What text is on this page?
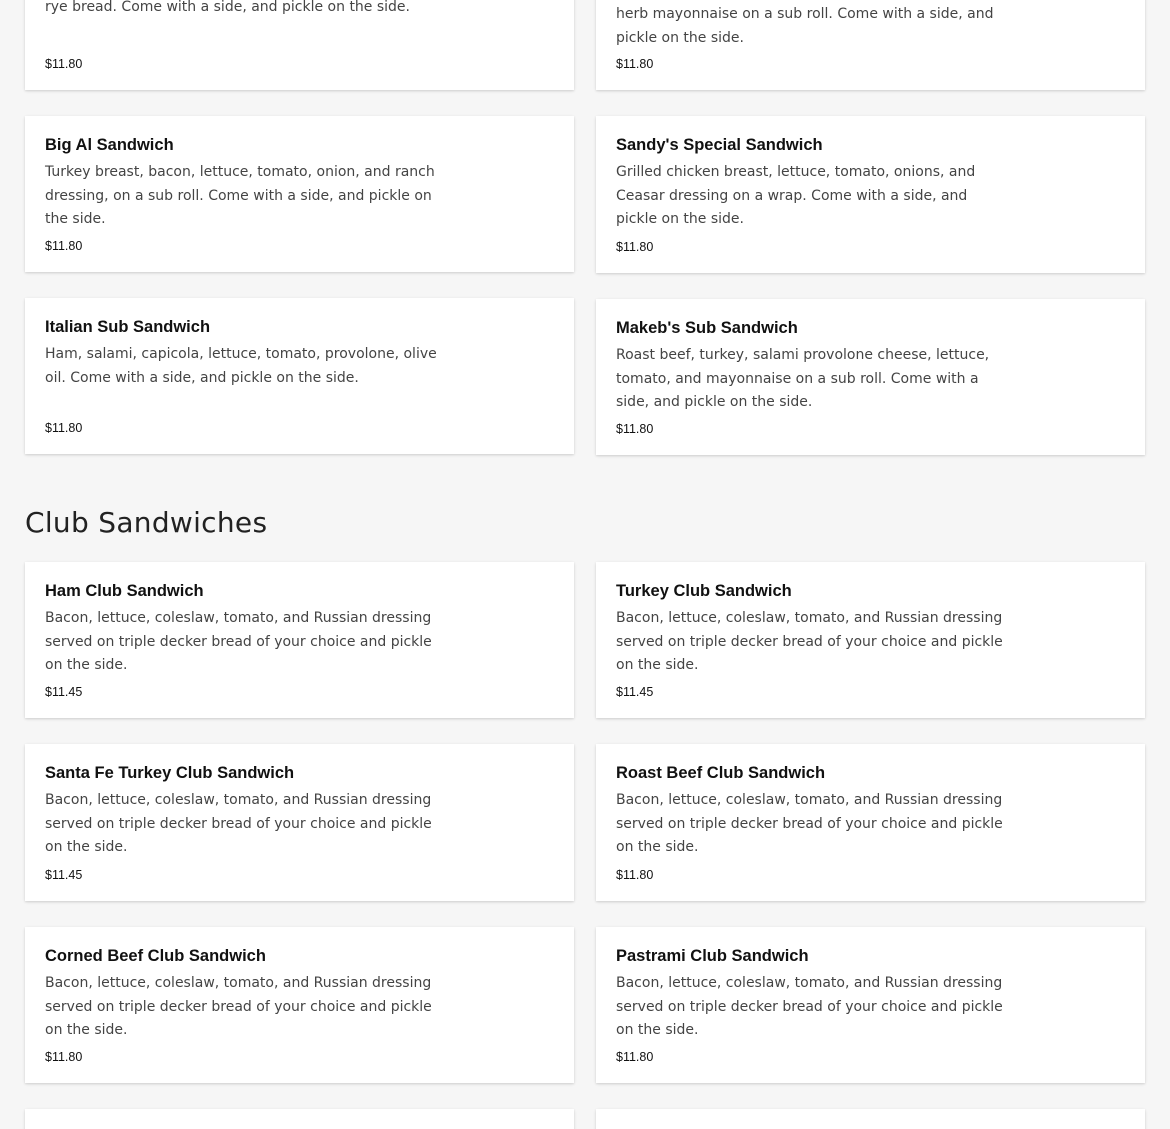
rye bread. Come with a side, and pickle on the side.

$11.80

herb mayonnaise on a sub roll. Come with a side, and pickle on the side.

$11.80
Big Al Sandwich

Turkey breast, bacon, lettuce, tomato, onion, and ranch dressing, on a sub roll. Come with a side, and pickle on the side.

$11.80
Sandy's Special Sandwich

Grilled chicken breast, lettuce, tomato, onions, and Ceasar dressing on a wrap. Come with a side, and pickle on the side.

$11.80
Italian Sub Sandwich

Ham, salami, capicola, lettuce, tomato, provolone, olive oil. Come with a side, and pickle on the side.

$11.80
Makeb's Sub Sandwich

Roast beef, turkey, salami provolone cheese, lettuce, tomato, and mayonnaise on a sub roll. Come with a side, and pickle on the side.

$11.80
Club Sandwiches
Ham Club Sandwich

Bacon, lettuce, coleslaw, tomato, and Russian dressing served on triple decker bread of your choice and pickle on the side.

$11.45
Turkey Club Sandwich

Bacon, lettuce, coleslaw, tomato, and Russian dressing served on triple decker bread of your choice and pickle on the side.

$11.45
Santa Fe Turkey Club Sandwich

Bacon, lettuce, coleslaw, tomato, and Russian dressing served on triple decker bread of your choice and pickle on the side.

$11.45
Roast Beef Club Sandwich

Bacon, lettuce, coleslaw, tomato, and Russian dressing served on triple decker bread of your choice and pickle on the side.

$11.80
Corned Beef Club Sandwich

Bacon, lettuce, coleslaw, tomato, and Russian dressing served on triple decker bread of your choice and pickle on the side.

$11.80
Pastrami Club Sandwich

Bacon, lettuce, coleslaw, tomato, and Russian dressing served on triple decker bread of your choice and pickle on the side.

$11.80
